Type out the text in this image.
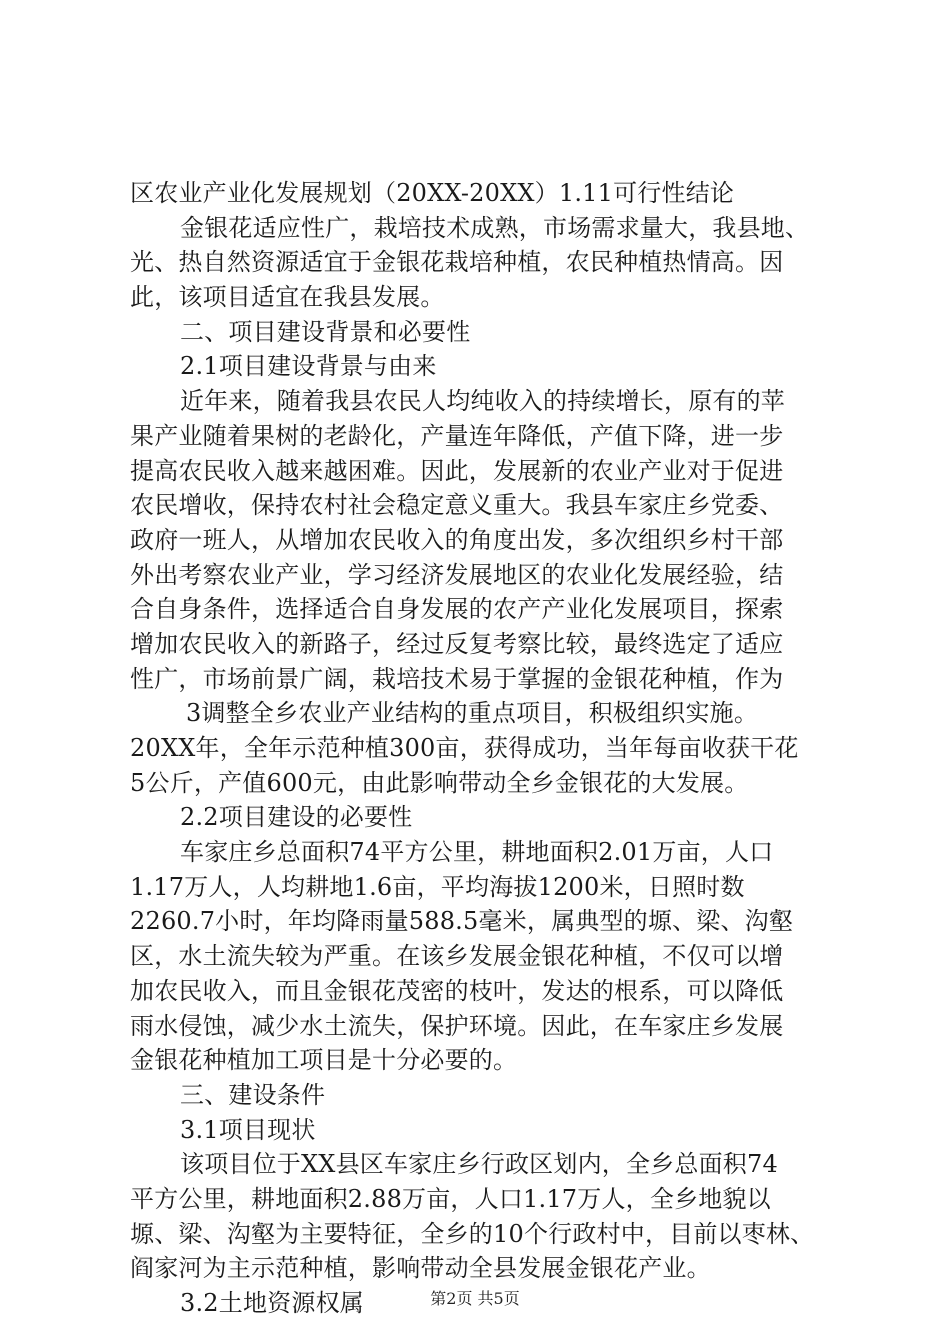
区农业产业化发展规划（20XX-20XX）1.11可行性结论
金银花适应性广，栽培技术成熟，市场需求量大，我县地、
光、热自然资源适宜于金银花栽培种植，农民种植热情高。因
此，该项目适宜在我县发展。
二、项目建设背景和必要性
2.1项目建设背景与由来
近年来，随着我县农民人均纯收入的持续增长，原有的苹
果产业随着果树的老龄化，产量连年降低，产值下降，进一步
提高农民收入越来越困难。因此，发展新的农业产业对于促进
农民增收，保持农村社会稳定意义重大。我县车家庄乡党委、
政府一班人，从增加农民收入的角度出发，多次组织乡村干部
外出考察农业产业，学习经济发展地区的农业化发展经验，结
合自身条件，选择适合自身发展的农产产业化发展项目，探索
增加农民收入的新路子，经过反复考察比较，最终选定了适应
性广，市场前景广阔，栽培技术易于掌握的金银花种植，作为
3调整全乡农业产业结构的重点项目，积极组织实施。
20XX年，全年示范种植300亩，获得成功，当年每亩收获干花
5公斤，产值600元，由此影响带动全乡金银花的大发展。
2.2项目建设的必要性
车家庄乡总面积74平方公里，耕地面积2.01万亩，人口
1.17万人，人均耕地1.6亩，平均海拔1200米，日照时数
2260.7小时，年均降雨量588.5毫米，属典型的塬、梁、沟壑
区，水土流失较为严重。在该乡发展金银花种植，不仅可以增
加农民收入，而且金银花茂密的枝叶，发达的根系，可以降低
雨水侵蚀，减少水土流失，保护环境。因此，在车家庄乡发展
金银花种植加工项目是十分必要的。
三、建设条件
3.1项目现状
该项目位于XX县区车家庄乡行政区划内，全乡总面积74
平方公里，耕地面积2.88万亩，人口1.17万人，全乡地貌以
塬、梁、沟壑为主要特征，全乡的10个行政村中，目前以枣林、
阎家河为主示范种植，影响带动全县发展金银花产业。
3.2土地资源权属	第2页 共5页
